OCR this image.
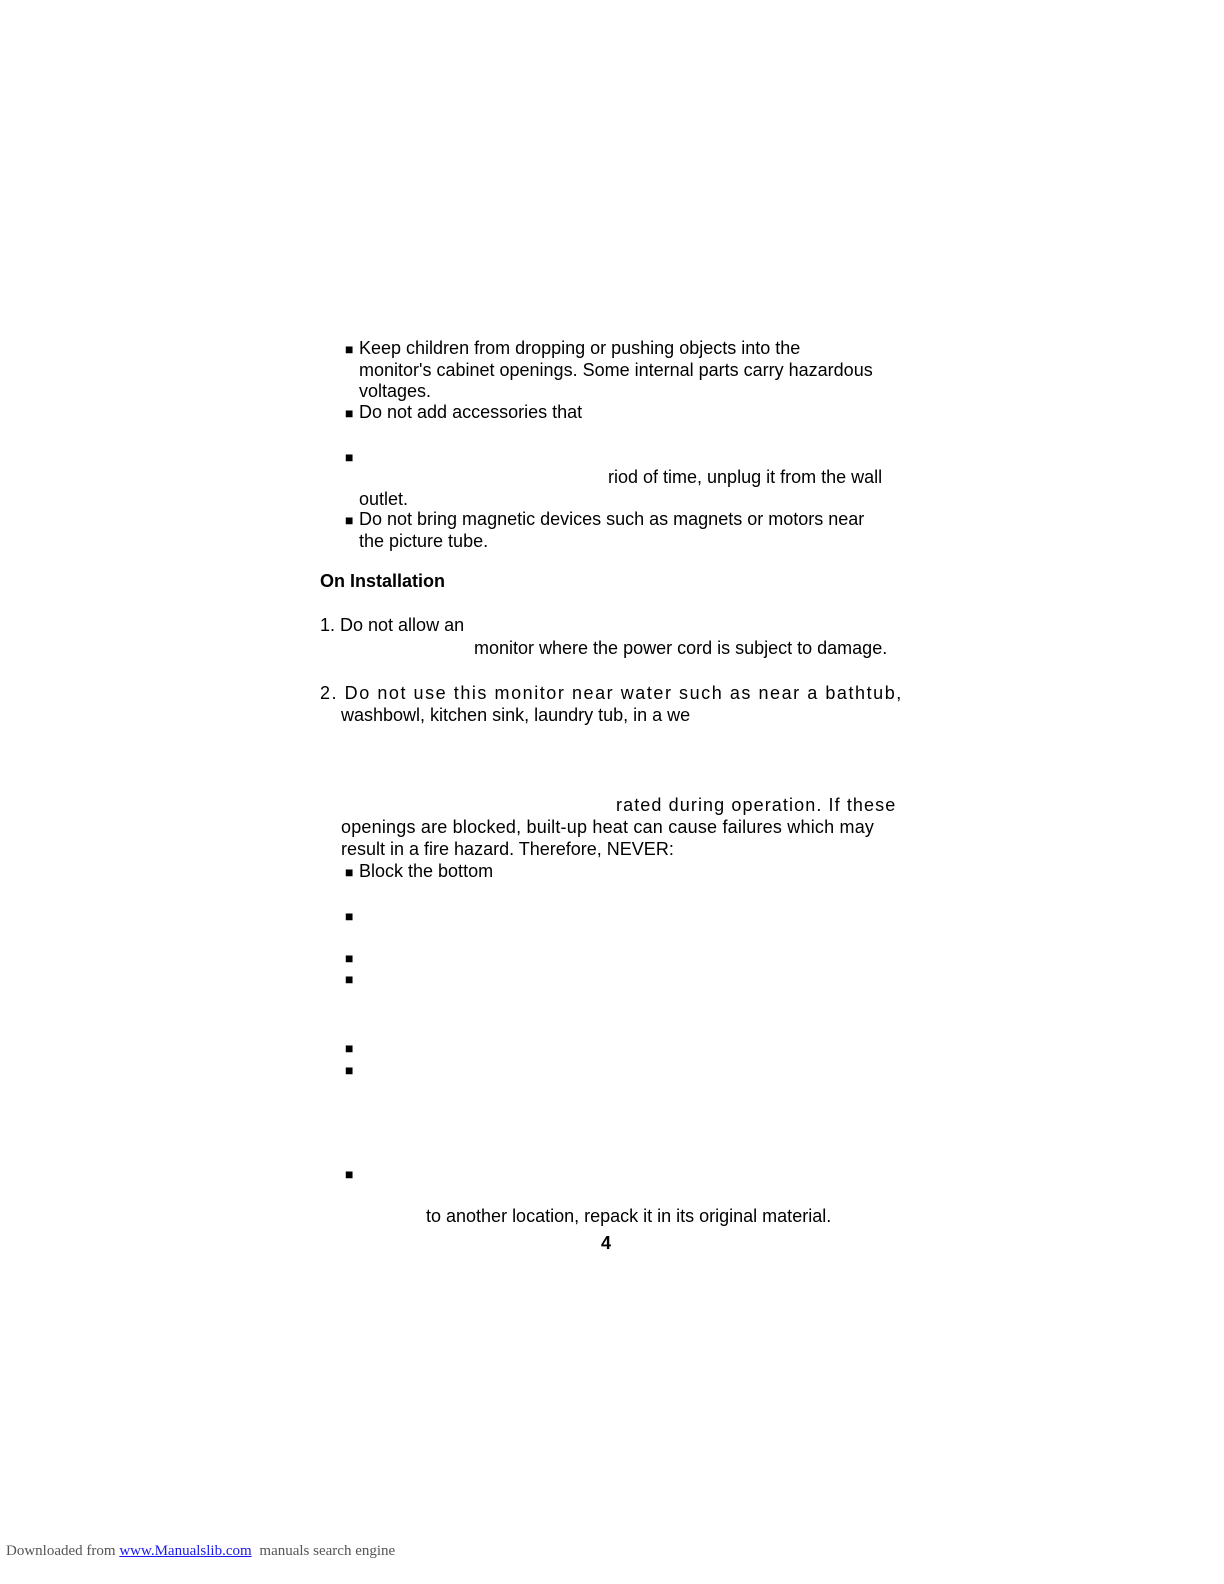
■ Keep children from dropping or pushing objects into the
monitor's cabinet openings. Some internal parts carry hazardous
voltages.
■ Do not add accessories that
■
riod of time, unplug it from the wall
outlet.
■ Do not bring magnetic devices such as magnets or motors near
the picture tube.
On Installation
1. Do not allow an
monitor where the power cord is subject to damage.
2. Do not use this monitor near water such as near a bathtub,
washbowl, kitchen sink, laundry tub, in a we
rated during operation. If these
openings are blocked, built-up heat can cause failures which may
result in a fire hazard. Therefore, NEVER:
■ Block the bottom
■
■
■
■
■
■
to another location, repack it in its original material.
4
Downloaded from www.Manualslib.com manuals search engine
